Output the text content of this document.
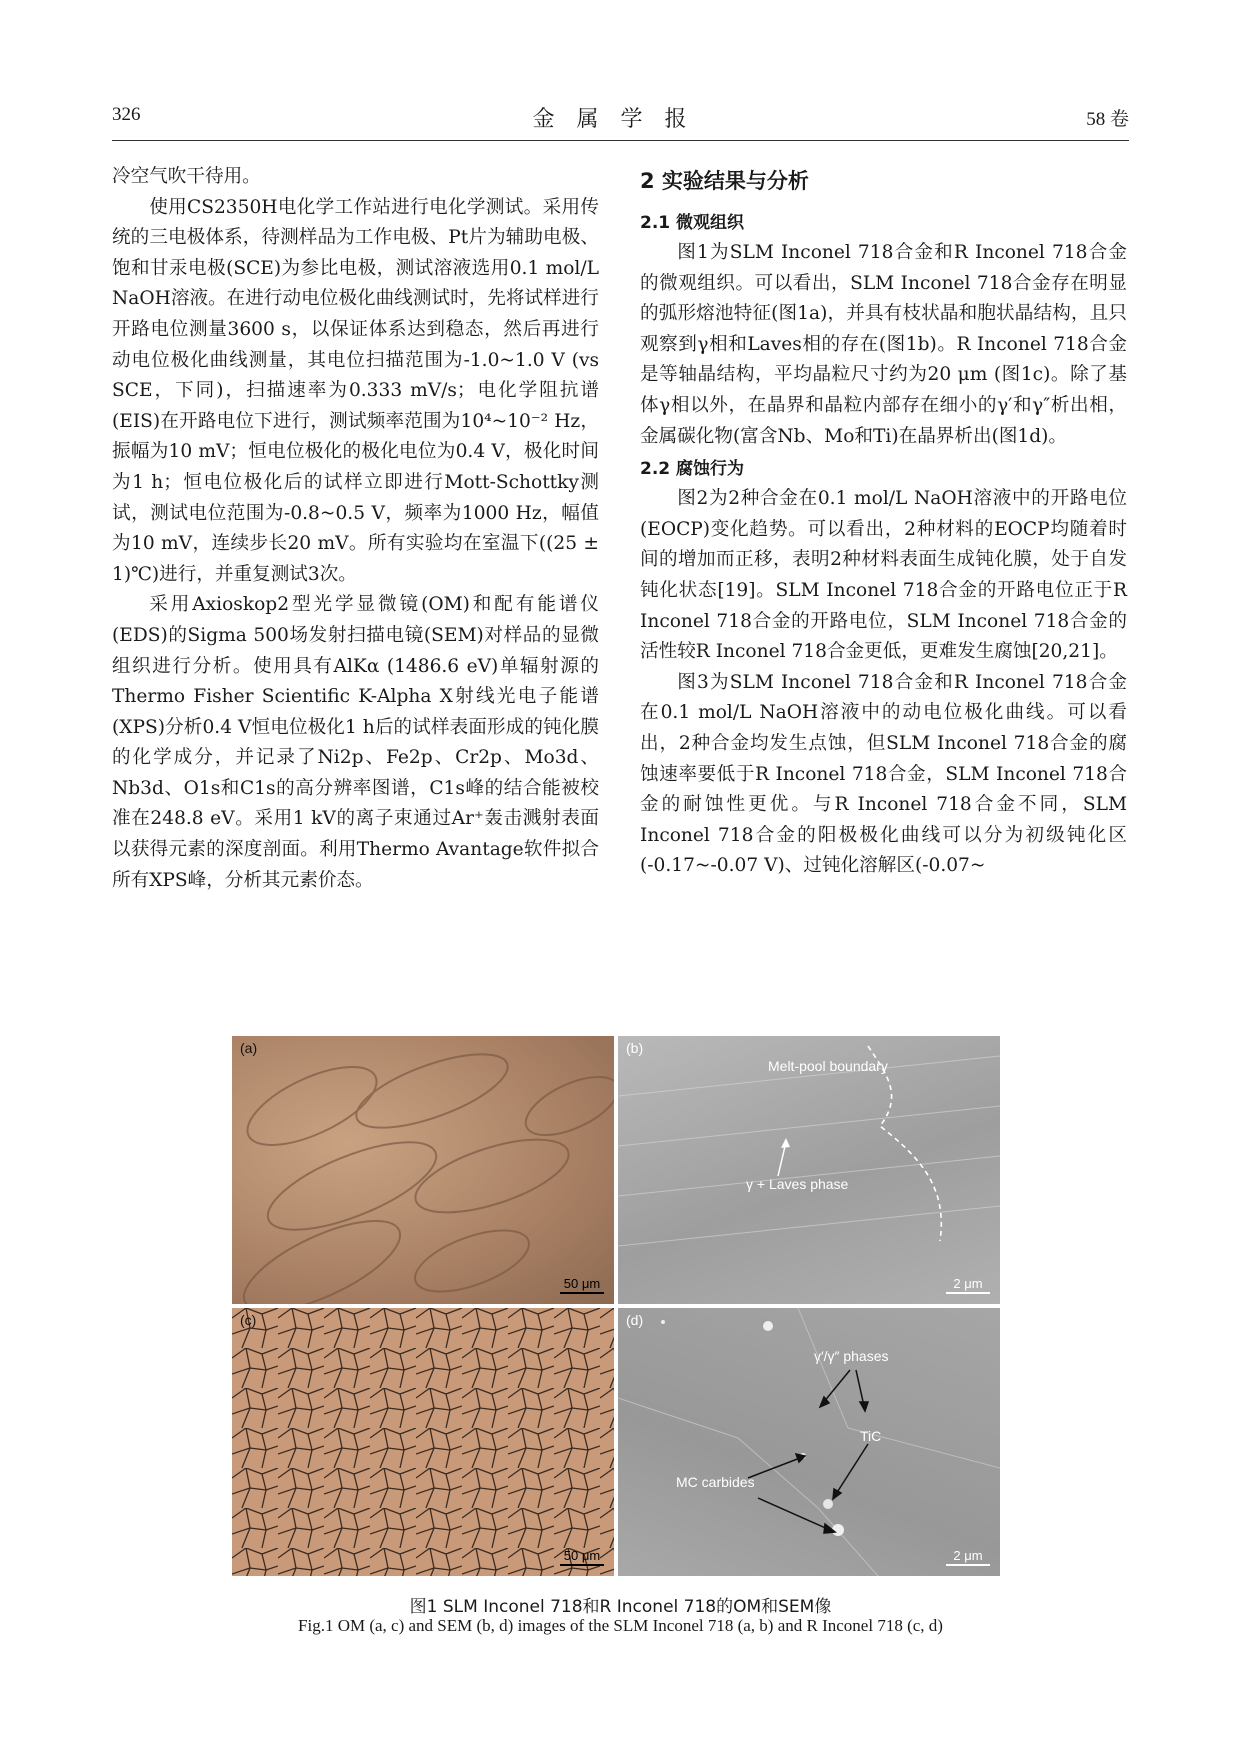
326	金属学报	58 卷

冷空气吹干待用。

使用CS2350H电化学工作站进行电化学测试。采用传统的三电极体系，待测样品为工作电极、Pt片为辅助电极、饱和甘汞电极(SCE)为参比电极，测试溶液选用0.1 mol/L NaOH溶液。在进行动电位极化曲线测试时，先将试样进行开路电位测量3600 s，以保证体系达到稳态，然后再进行动电位极化曲线测量，其电位扫描范围为-1.0~1.0 V (vs SCE，下同)，扫描速率为0.333 mV/s；电化学阻抗谱(EIS)在开路电位下进行，测试频率范围为10⁴~10⁻² Hz，振幅为10 mV；恒电位极化的极化电位为0.4 V，极化时间为1 h；恒电位极化后的试样立即进行Mott-Schottky测试，测试电位范围为-0.8~0.5 V，频率为1000 Hz，幅值为10 mV，连续步长20 mV。所有实验均在室温下((25 ± 1)℃)进行，并重复测试3次。

采用Axioskop2型光学显微镜(OM)和配有能谱仪(EDS)的Sigma 500场发射扫描电镜(SEM)对样品的显微组织进行分析。使用具有AlKα (1486.6 eV)单辐射源的Thermo Fisher Scientific K-Alpha X射线光电子能谱(XPS)分析0.4 V恒电位极化1 h后的试样表面形成的钝化膜的化学成分，并记录了Ni2p、Fe2p、Cr2p、Mo3d、Nb3d、O1s和C1s的高分辨率图谱，C1s峰的结合能被校准在248.8 eV。采用1 kV的离子束通过Ar⁺轰击溅射表面以获得元素的深度剖面。利用Thermo Avantage软件拟合所有XPS峰，分析其元素价态。

2 实验结果与分析
2.1 微观组织

图1为SLM Inconel 718合金和R Inconel 718合金的微观组织。可以看出，SLM Inconel 718合金存在明显的弧形熔池特征(图1a)，并具有枝状晶和胞状晶结构，且只观察到γ相和Laves相的存在(图1b)。R Inconel 718合金是等轴晶结构，平均晶粒尺寸约为20 μm (图1c)。除了基体γ相以外，在晶界和晶粒内部存在细小的γ′和γ″析出相，金属碳化物(富含Nb、Mo和Ti)在晶界析出(图1d)。

2.2 腐蚀行为

图2为2种合金在0.1 mol/L NaOH溶液中的开路电位(EOCP)变化趋势。可以看出，2种材料的EOCP均随着时间的增加而正移，表明2种材料表面生成钝化膜，处于自发钝化状态[19]。SLM Inconel 718合金的开路电位正于R Inconel 718合金的开路电位，SLM Inconel 718合金的活性较R Inconel 718合金更低，更难发生腐蚀[20,21]。

图3为SLM Inconel 718合金和R Inconel 718合金在0.1 mol/L NaOH溶液中的动电位极化曲线。可以看出，2种合金均发生点蚀，但SLM Inconel 718合金的腐蚀速率要低于R Inconel 718合金，SLM Inconel 718合金的耐蚀性更优。与R Inconel 718合金不同，SLM Inconel 718合金的阳极极化曲线可以分为初级钝化区(-0.17~-0.07 V)、过钝化溶解区(-0.07~

(a)
50 μm
(b)
Melt-pool boundary
γ + Laves phase
2 μm
(c)
50 μm
(d)
γ′/γ″ phases
TiC
MC carbides
2 μm
图1 SLM Inconel 718和R Inconel 718的OM和SEM像
Fig.1 OM (a, c) and SEM (b, d) images of the SLM Inconel 718 (a, b) and R Inconel 718 (c, d)
